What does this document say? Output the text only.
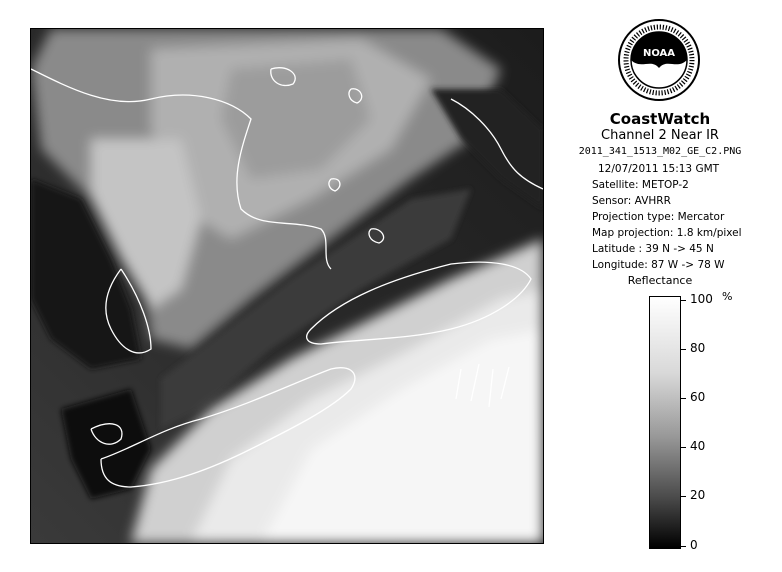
NOAA
CoastWatch
Channel 2 Near IR
2011_341_1513_M02_GE_C2.PNG
12/07/2011 15:13 GMT
Satellite: METOP-2
Sensor: AVHRR
Projection type: Mercator
Map projection: 1.8 km/pixel
Latitude : 39 N -> 45 N
Longitude: 87 W -> 78 W
Reflectance
%
100
80
60
40
20
0
